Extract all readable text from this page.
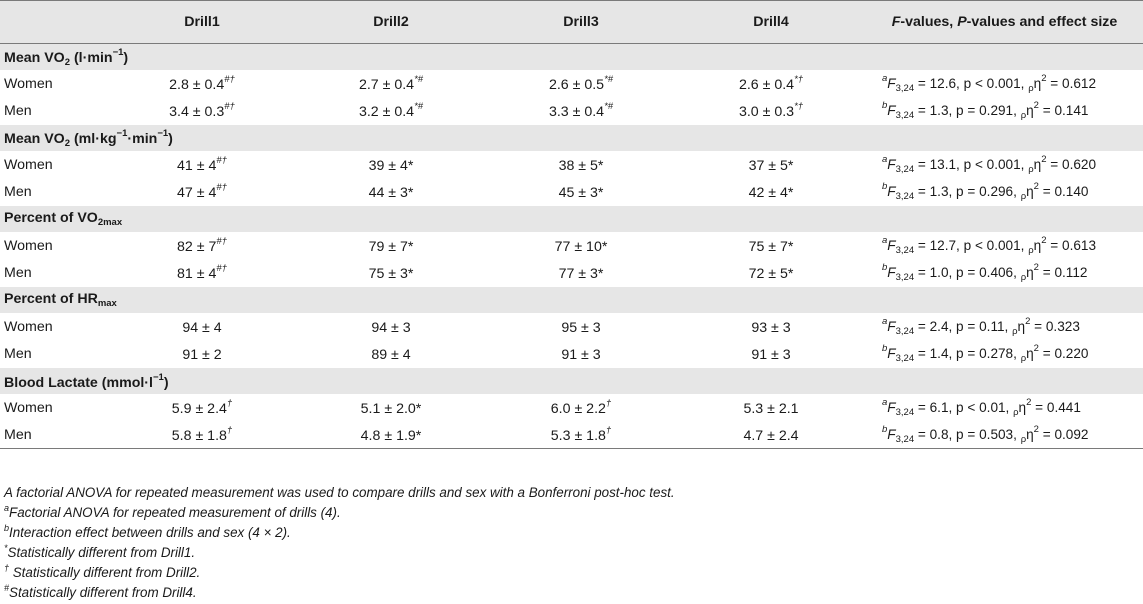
	Drill1	Drill2	Drill3	Drill4	F-values, P-values and effect size
Mean $VO_2$ $(l\cdot\min^{-1})$					
Women	2.8 ± 0.4#†	2.7 ± 0.4*#	2.6 ± 0.5*#	2.6 ± 0.4*†	$^aF_{3,24} = 12.6$, p < 0.001, $_\rho\eta^2 = 0.612$
Men	3.4 ± 0.3#†	3.2 ± 0.4*#	3.3 ± 0.4*#	3.0 ± 0.3*†	$^bF_{3,24} = 1.3$, p = 0.291, $_\rho\eta^2 = 0.141$
Mean $VO_2$ $(ml\cdot kg^{-1}\cdot\min^{-1})$					
Women	41 ± 4#†	39 ± 4*	38 ± 5*	37 ± 5*	$^aF_{3,24} = 13.1$, p < 0.001, $_\rho\eta^2 = 0.620$
Men	47 ± 4#†	44 ± 3*	45 ± 3*	42 ± 4*	$^bF_{3,24} = 1.3$, p = 0.296, $_\rho\eta^2 = 0.140$
Percent of $VO_{2max}$
Women	82 ± 7#†	79 ± 7*	77 ± 10*	75 ± 7*	$^aF_{3,24} = 12.7$, p < 0.001, $_\rho\eta^2 = 0.613$
Men	81 ± 4#†	75 ± 3*	77 ± 3*	72 ± 5*	$^bF_{3,24} = 1.0$, p = 0.406, $_\rho\eta^2 = 0.112$
Percent of $HR_{max}$
Women	94 ± 4	94 ± 3	95 ± 3	93 ± 3	$^aF_{3,24} = 2.4$, p = 0.11, $_\rho\eta^2 = 0.323$
Men	91 ± 2	89 ± 4	91 ± 3	91 ± 3	$^bF_{3,24} = 1.4$, p = 0.278, $_\rho\eta^2 = 0.220$
Blood Lactate $(mmol\cdot l^{-1})$					
Women	5.9 ± 2.4†	5.1 ± 2.0*	6.0 ± 2.2†	5.3 ± 2.1	$^aF_{3,24} = 6.1$, p < 0.01, $_\rho\eta^2 = 0.441$
Men	5.8 ± 1.8†	4.8 ± 1.9*	5.3 ± 1.8†	4.7 ± 2.4	$^bF_{3,24} = 0.8$, p = 0.503, $_\rho\eta^2 = 0.092$
A factorial ANOVA for repeated measurement was used to compare drills and sex with a Bonferroni post-hoc test.
$^a$Factorial ANOVA for repeated measurement of drills (4).
$^b$Interaction effect between drills and sex (4 × 2).
*Statistically different from Drill1.
† Statistically different from Drill2.
#Statistically different from Drill4.
